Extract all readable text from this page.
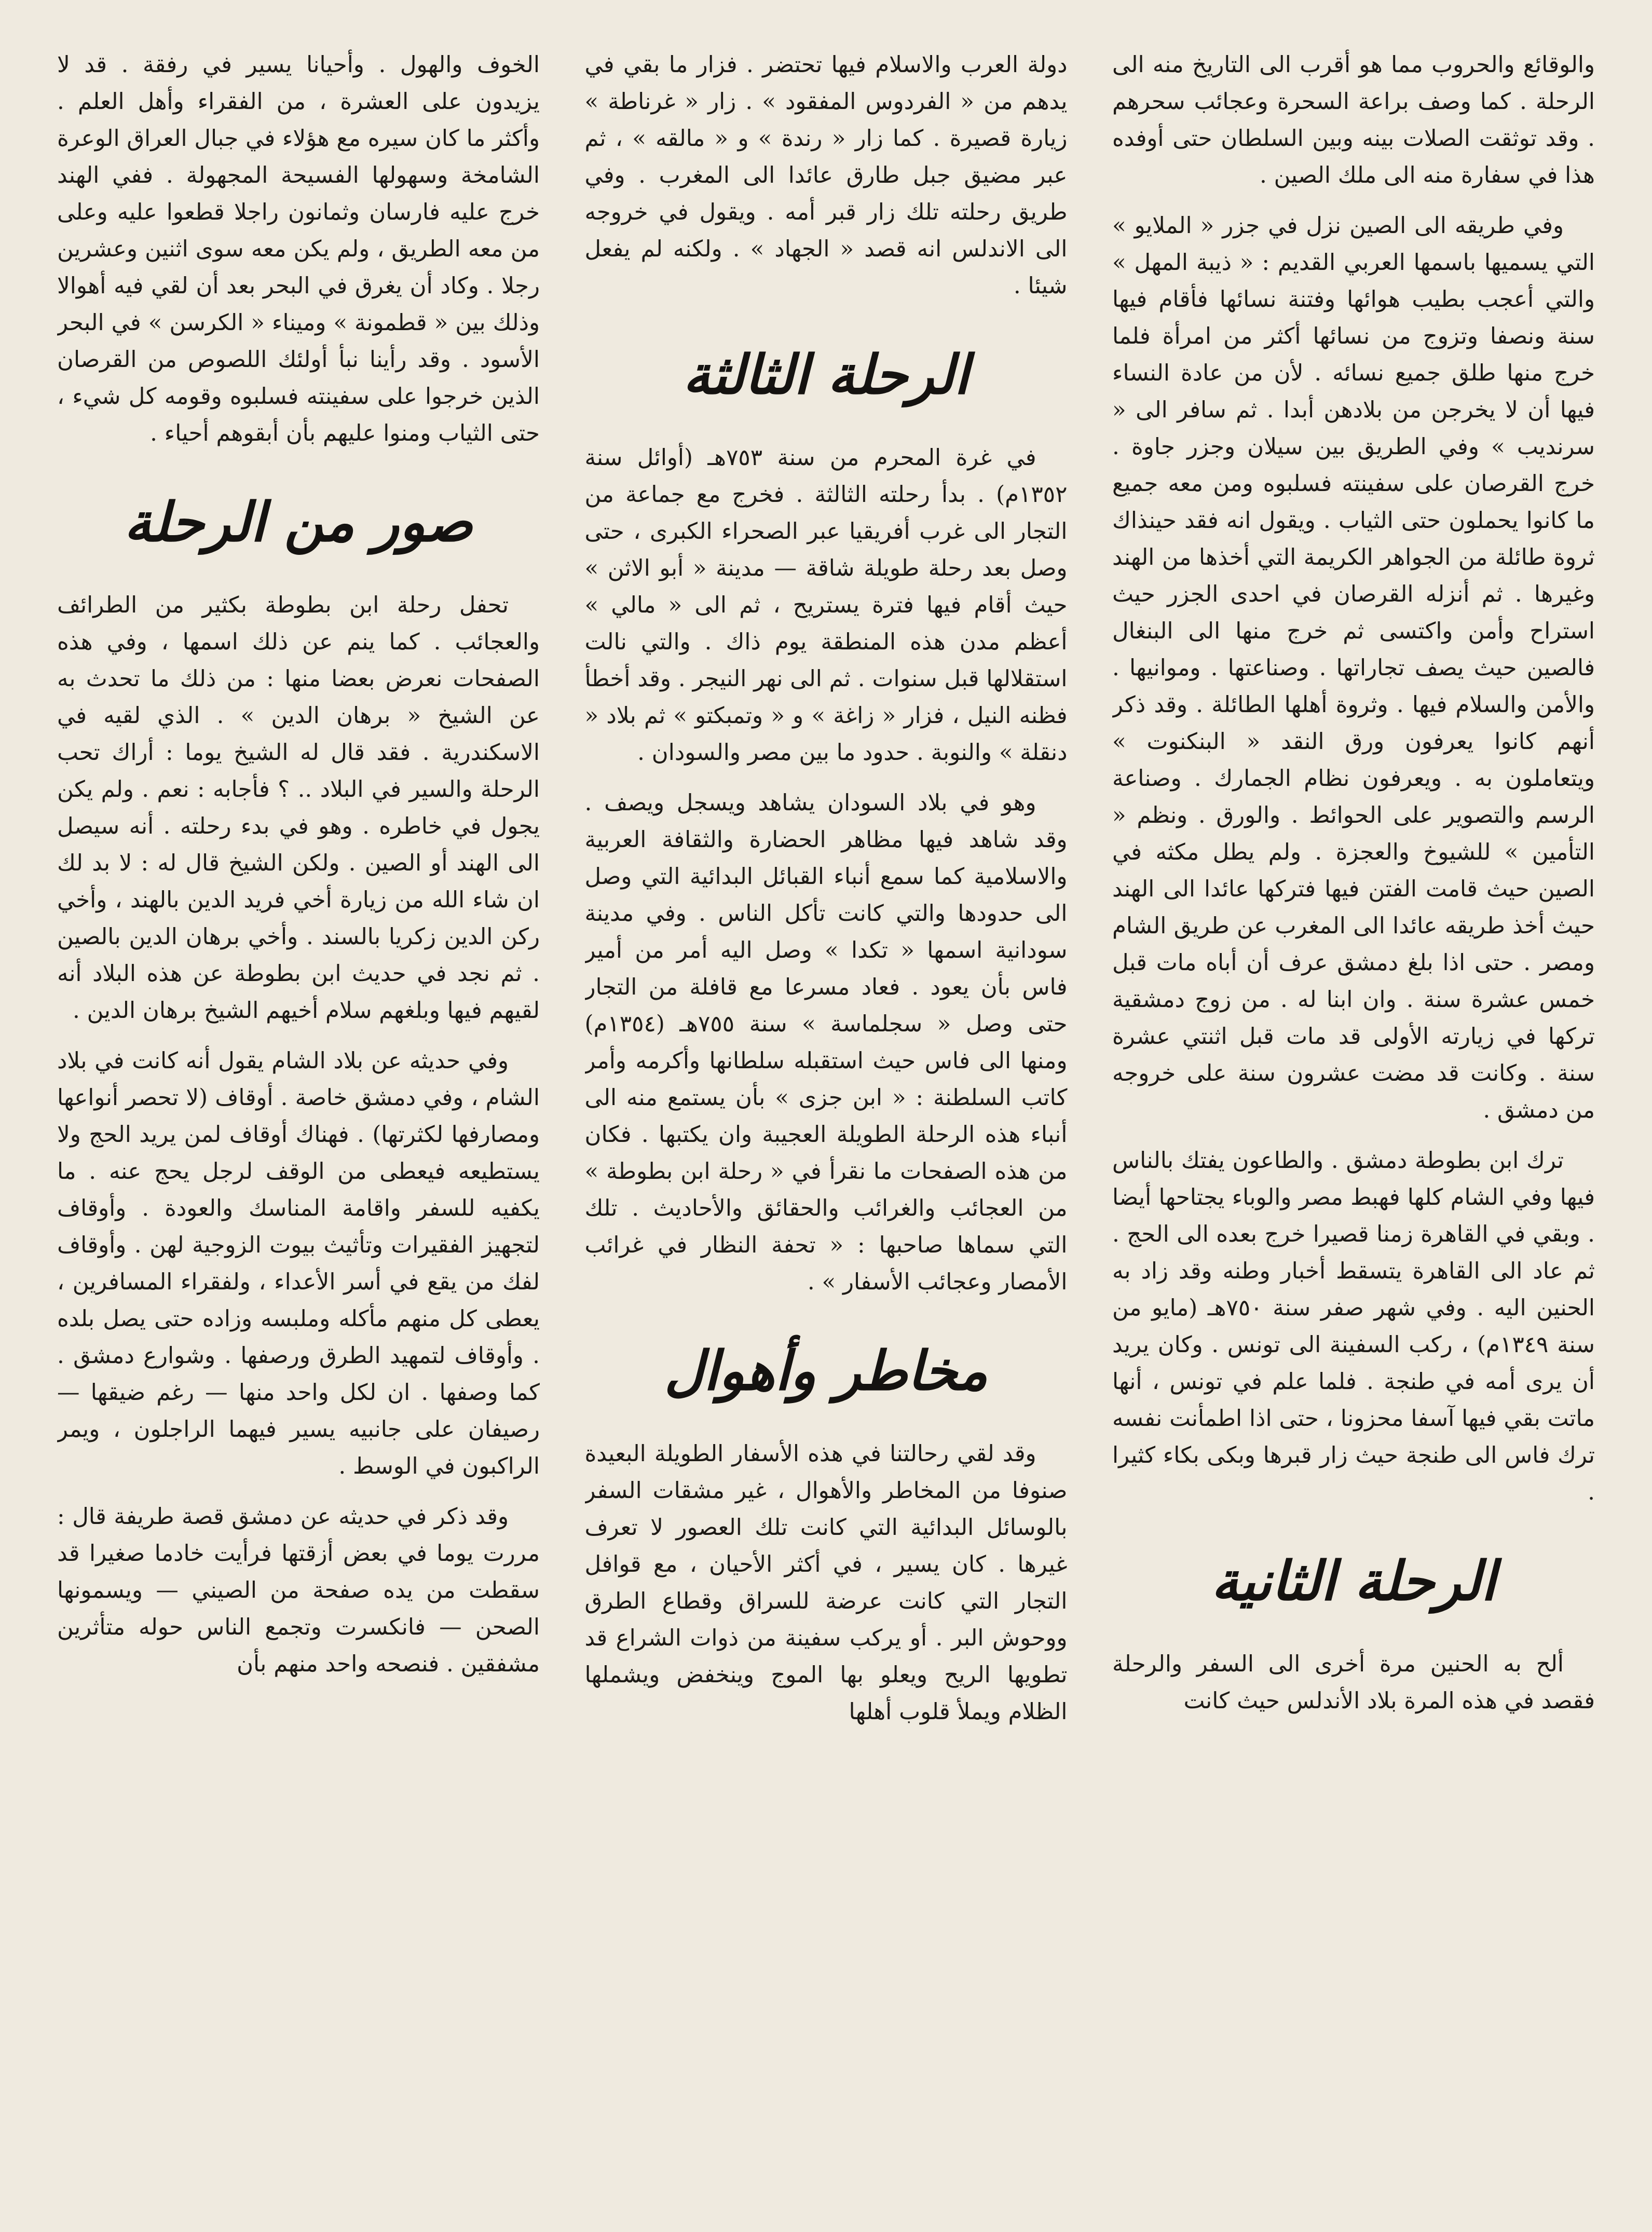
والوقائع والحروب مما هو أقرب الى التاريخ منه الى الرحلة . كما وصف براعة السحرة وعجائب سحرهم . وقد توثقت الصلات بينه وبين السلطان حتى أوفده هذا في سفارة منه الى ملك الصين .

وفي طريقه الى الصين نزل في جزر « الملايو » التي يسميها باسمها العربي القديم : « ذيبة المهل » والتي أعجب بطيب هوائها وفتنة نسائها فأقام فيها سنة ونصفا وتزوج من نسائها أكثر من امرأة فلما خرج منها طلق جميع نسائه . لأن من عادة النساء فيها أن لا يخرجن من بلادهن أبدا . ثم سافر الى « سرنديب » وفي الطريق بين سيلان وجزر جاوة . خرج القرصان على سفينته فسلبوه ومن معه جميع ما كانوا يحملون حتى الثياب . ويقول انه فقد حينذاك ثروة طائلة من الجواهر الكريمة التي أخذها من الهند وغيرها . ثم أنزله القرصان في احدى الجزر حيث استراح وأمن واكتسى ثم خرج منها الى البنغال فالصين حيث يصف تجاراتها . وصناعتها . وموانيها . والأمن والسلام فيها . وثروة أهلها الطائلة . وقد ذكر أنهم كانوا يعرفون ورق النقد « البنكنوت » ويتعاملون به . ويعرفون نظام الجمارك . وصناعة الرسم والتصوير على الحوائط . والورق . ونظم « التأمين » للشيوخ والعجزة . ولم يطل مكثه في الصين حيث قامت الفتن فيها فتركها عائدا الى الهند حيث أخذ طريقه عائدا الى المغرب عن طريق الشام ومصر . حتى اذا بلغ دمشق عرف أن أباه مات قبل خمس عشرة سنة . وان ابنا له . من زوج دمشقية تركها في زيارته الأولى قد مات قبل اثنتي عشرة سنة . وكانت قد مضت عشرون سنة على خروجه من دمشق .

ترك ابن بطوطة دمشق . والطاعون يفتك بالناس فيها وفي الشام كلها فهبط مصر والوباء يجتاحها أيضا . وبقي في القاهرة زمنا قصيرا خرج بعده الى الحج . ثم عاد الى القاهرة يتسقط أخبار وطنه وقد زاد به الحنين اليه . وفي شهر صفر سنة ٧٥٠هـ (مايو من سنة ١٣٤٩م) ، ركب السفينة الى تونس . وكان يريد أن يرى أمه في طنجة . فلما علم في تونس ، أنها ماتت بقي فيها آسفا محزونا ، حتى اذا اطمأنت نفسه ترك فاس الى طنجة حيث زار قبرها وبكى بكاء كثيرا .

الرحلة الثانية

ألح به الحنين مرة أخرى الى السفر والرحلة فقصد في هذه المرة بلاد الأندلس حيث كانت

دولة العرب والاسلام فيها تحتضر . فزار ما بقي في يدهم من « الفردوس المفقود » . زار « غرناطة » زيارة قصيرة . كما زار « رندة » و « مالقه » ، ثم عبر مضيق جبل طارق عائدا الى المغرب . وفي طريق رحلته تلك زار قبر أمه . ويقول في خروجه الى الاندلس انه قصد « الجهاد » . ولكنه لم يفعل شيئا .

الرحلة الثالثة

في غرة المحرم من سنة ٧٥٣هـ (أوائل سنة ١٣٥٢م) . بدأ رحلته الثالثة . فخرج مع جماعة من التجار الى غرب أفريقيا عبر الصحراء الكبرى ، حتى وصل بعد رحلة طويلة شاقة — مدينة « أبو الاثن » حيث أقام فيها فترة يستريح ، ثم الى « مالي » أعظم مدن هذه المنطقة يوم ذاك . والتي نالت استقلالها قبل سنوات . ثم الى نهر النيجر . وقد أخطأ فظنه النيل ، فزار « زاغة » و « وتمبكتو » ثم بلاد « دنقلة » والنوبة . حدود ما بين مصر والسودان .

وهو في بلاد السودان يشاهد ويسجل ويصف . وقد شاهد فيها مظاهر الحضارة والثقافة العربية والاسلامية كما سمع أنباء القبائل البدائية التي وصل الى حدودها والتي كانت تأكل الناس . وفي مدينة سودانية اسمها « تكدا » وصل اليه أمر من أمير فاس بأن يعود . فعاد مسرعا مع قافلة من التجار حتى وصل « سجلماسة » سنة ٧٥٥هـ (١٣٥٤م) ومنها الى فاس حيث استقبله سلطانها وأكرمه وأمر كاتب السلطنة : « ابن جزى » بأن يستمع منه الى أنباء هذه الرحلة الطويلة العجيبة وان يكتبها . فكان من هذه الصفحات ما نقرأ في « رحلة ابن بطوطة » من العجائب والغرائب والحقائق والأحاديث . تلك التي سماها صاحبها : « تحفة النظار في غرائب الأمصار وعجائب الأسفار » .

مخاطر وأهوال

وقد لقي رحالتنا في هذه الأسفار الطويلة البعيدة صنوفا من المخاطر والأهوال ، غير مشقات السفر بالوسائل البدائية التي كانت تلك العصور لا تعرف غيرها . كان يسير ، في أكثر الأحيان ، مع قوافل التجار التي كانت عرضة للسراق وقطاع الطرق ووحوش البر . أو يركب سفينة من ذوات الشراع قد تطويها الريح ويعلو بها الموج وينخفض ويشملها الظلام ويملأ قلوب أهلها

الخوف والهول . وأحيانا يسير في رفقة . قد لا يزيدون على العشرة ، من الفقراء وأهل العلم . وأكثر ما كان سيره مع هؤلاء في جبال العراق الوعرة الشامخة وسهولها الفسيحة المجهولة . ففي الهند خرج عليه فارسان وثمانون راجلا قطعوا عليه وعلى من معه الطريق ، ولم يكن معه سوى اثنين وعشرين رجلا . وكاد أن يغرق في البحر بعد أن لقي فيه أهوالا وذلك بين « قطمونة » وميناء « الكرسن » في البحر الأسود . وقد رأينا نبأ أولئك اللصوص من القرصان الذين خرجوا على سفينته فسلبوه وقومه كل شيء ، حتى الثياب ومنوا عليهم بأن أبقوهم أحياء .

صور من الرحلة

تحفل رحلة ابن بطوطة بكثير من الطرائف والعجائب . كما ينم عن ذلك اسمها ، وفي هذه الصفحات نعرض بعضا منها : من ذلك ما تحدث به عن الشيخ « برهان الدين » . الذي لقيه في الاسكندرية . فقد قال له الشيخ يوما : أراك تحب الرحلة والسير في البلاد .. ؟ فأجابه : نعم . ولم يكن يجول في خاطره . وهو في بدء رحلته . أنه سيصل الى الهند أو الصين . ولكن الشيخ قال له : لا بد لك ان شاء الله من زيارة أخي فريد الدين بالهند ، وأخي ركن الدين زكريا بالسند . وأخي برهان الدين بالصين . ثم نجد في حديث ابن بطوطة عن هذه البلاد أنه لقيهم فيها وبلغهم سلام أخيهم الشيخ برهان الدين .

وفي حديثه عن بلاد الشام يقول أنه كانت في بلاد الشام ، وفي دمشق خاصة . أوقاف (لا تحصر أنواعها ومصارفها لكثرتها) . فهناك أوقاف لمن يريد الحج ولا يستطيعه فيعطى من الوقف لرجل يحج عنه . ما يكفيه للسفر واقامة المناسك والعودة . وأوقاف لتجهيز الفقيرات وتأثيث بيوت الزوجية لهن . وأوقاف لفك من يقع في أسر الأعداء ، ولفقراء المسافرين ، يعطى كل منهم مأكله وملبسه وزاده حتى يصل بلده . وأوقاف لتمهيد الطرق ورصفها . وشوارع دمشق . كما وصفها . ان لكل واحد منها — رغم ضيقها — رصيفان على جانبيه يسير فيهما الراجلون ، ويمر الراكبون في الوسط .

وقد ذكر في حديثه عن دمشق قصة طريفة قال : مررت يوما في بعض أزقتها فرأيت خادما صغيرا قد سقطت من يده صفحة من الصيني — ويسمونها الصحن — فانكسرت وتجمع الناس حوله متأثرين مشفقين . فنصحه واحد منهم بأن
